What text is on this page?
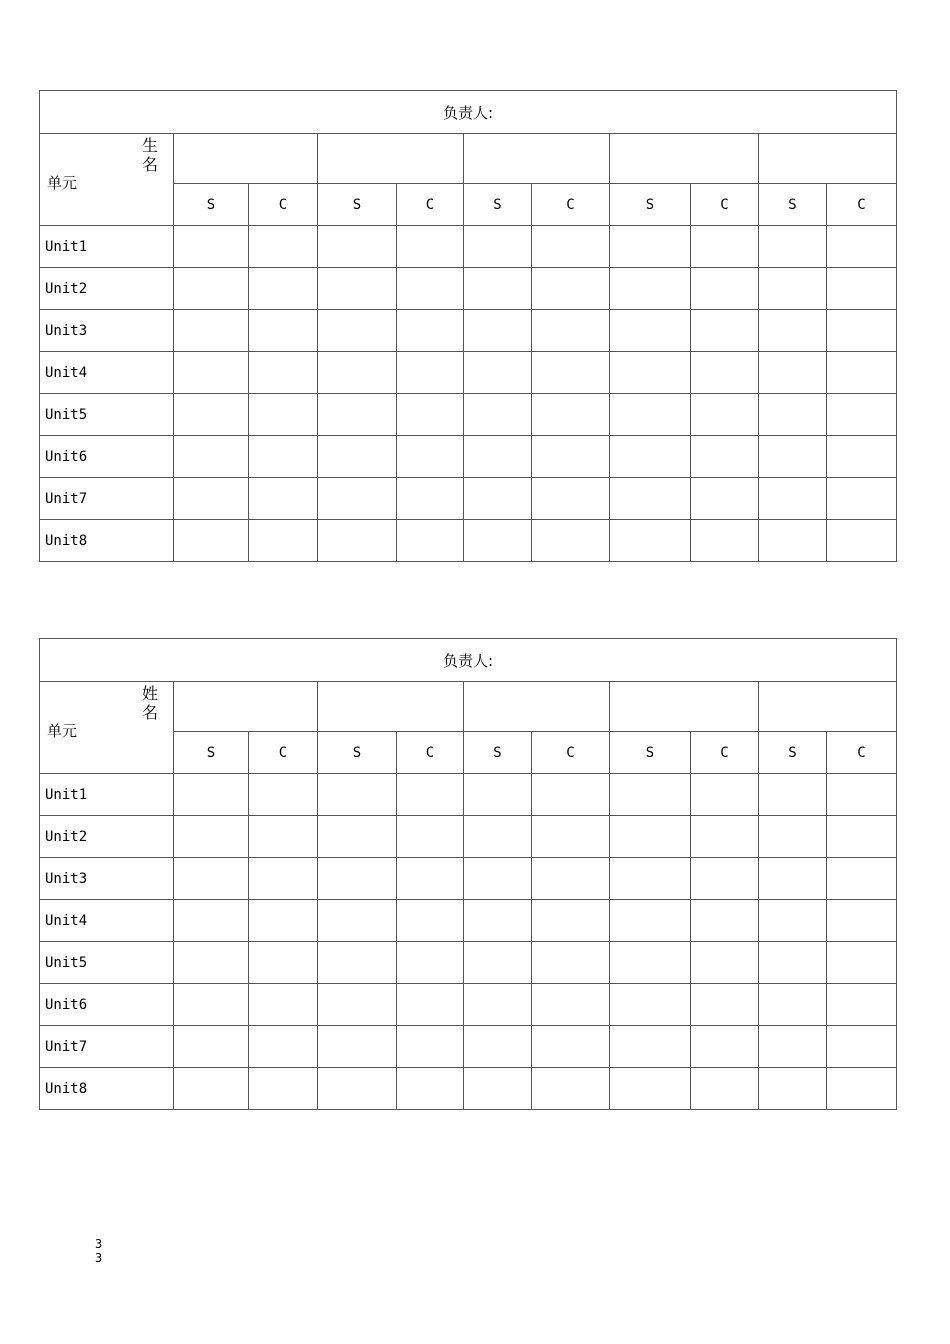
负责人:										

生名
单元										

	S	C	S	C	S	C	S	C	S	C
Unit1										
Unit2										
Unit3										
Unit4										
Unit5										
Unit6										
Unit7										
Unit8										
负责人:										

姓名
单元										

	S	C	S	C	S	C	S	C	S	C
Unit1										
Unit2										
Unit3										
Unit4										
Unit5										
Unit6										
Unit7										
Unit8										
3
3
